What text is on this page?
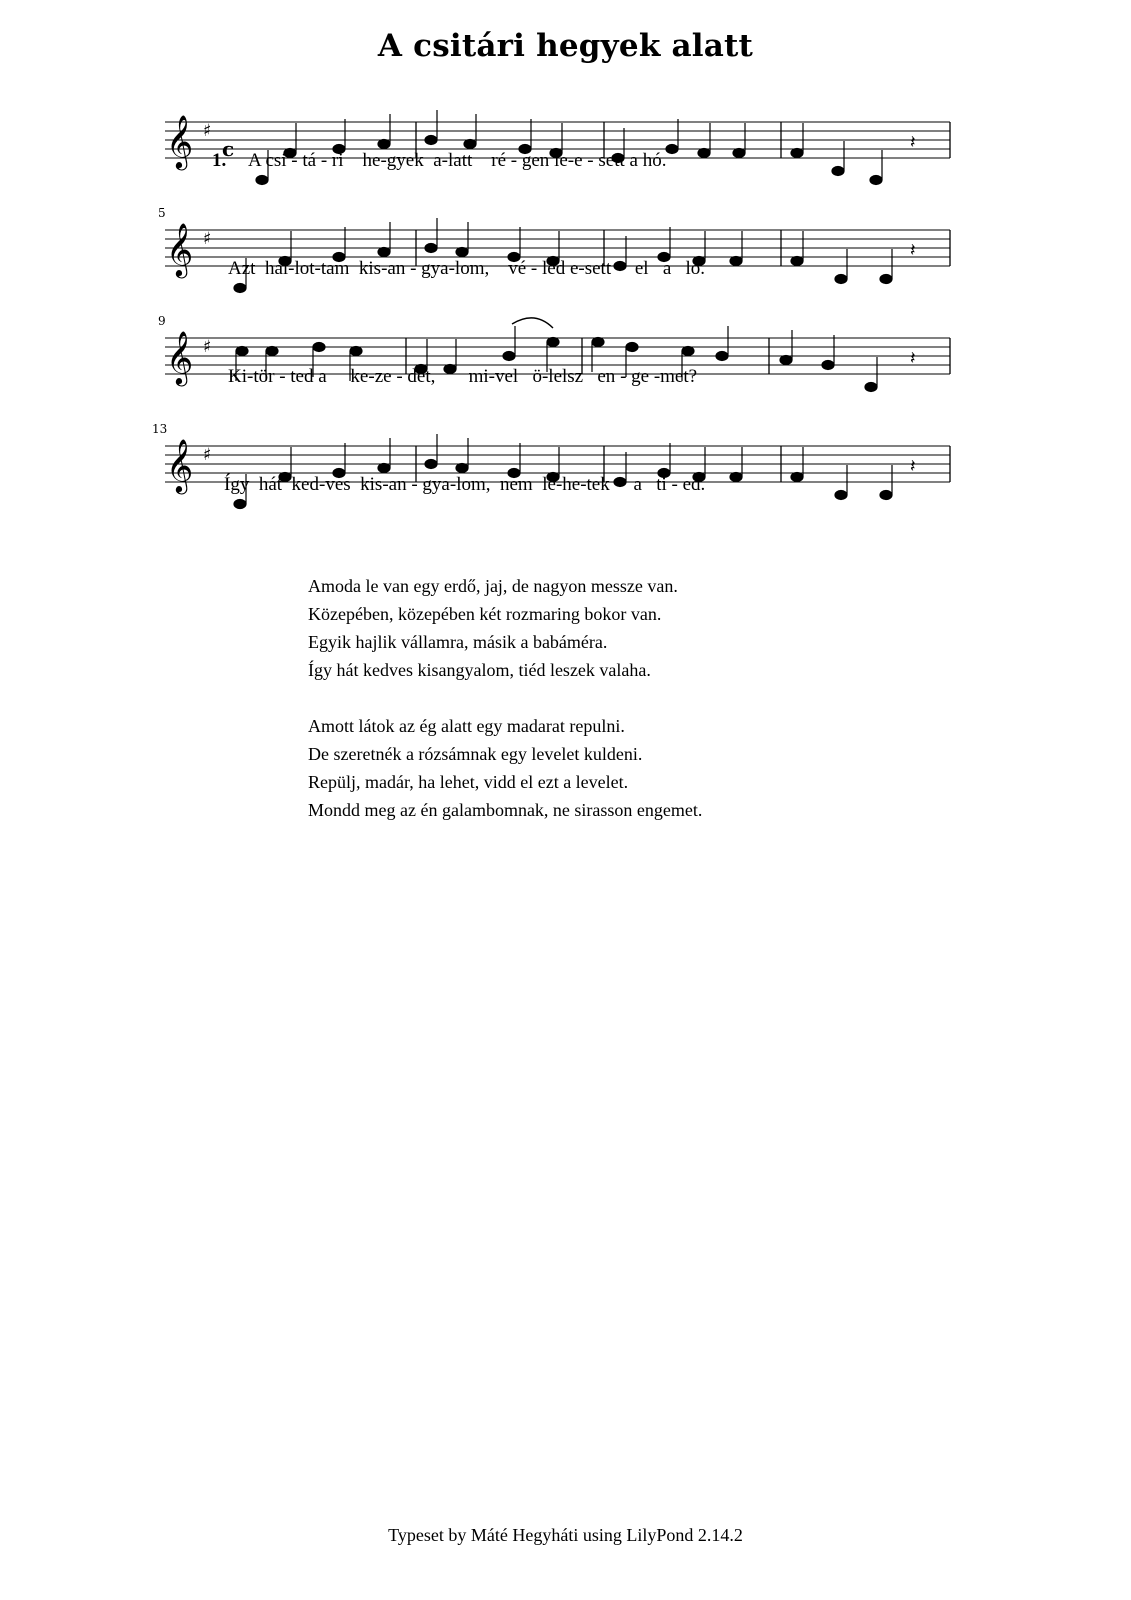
A csitári hegyek alatt
𝄞 ♯
c	𝄽
1. A csi - tá - ri he-gyek a-latt ré - gen le-e - sett a hó.
5
𝄞 ♯
𝄽
Azt hal-lot-tam kis-an - gya-lom, vé - led e-sett el a ló.
9
𝄞 ♯
𝄽
Ki-tör - ted a ke-ze - det, mi-vel ö-lelsz en - ge -met?
13
𝄞 ♯
𝄽
Így hát ked-ves kis-an - gya-lom, nem le-he-tek a ti - ed.
Amoda le van egy erdő, jaj, de nagyon messze van.
Közepében, közepében két rozmaring bokor van.
Egyik hajlik vállamra, másik a babáméra.
Így hát kedves kisangyalom, tiéd leszek valaha.
Amott látok az ég alatt egy madarat repulni.
De szeretnék a rózsámnak egy levelet kuldeni.
Repülj, madár, ha lehet, vidd el ezt a levelet.
Mondd meg az én galambomnak, ne sirasson engemet.
Typeset by Máté Hegyháti using LilyPond 2.14.2
